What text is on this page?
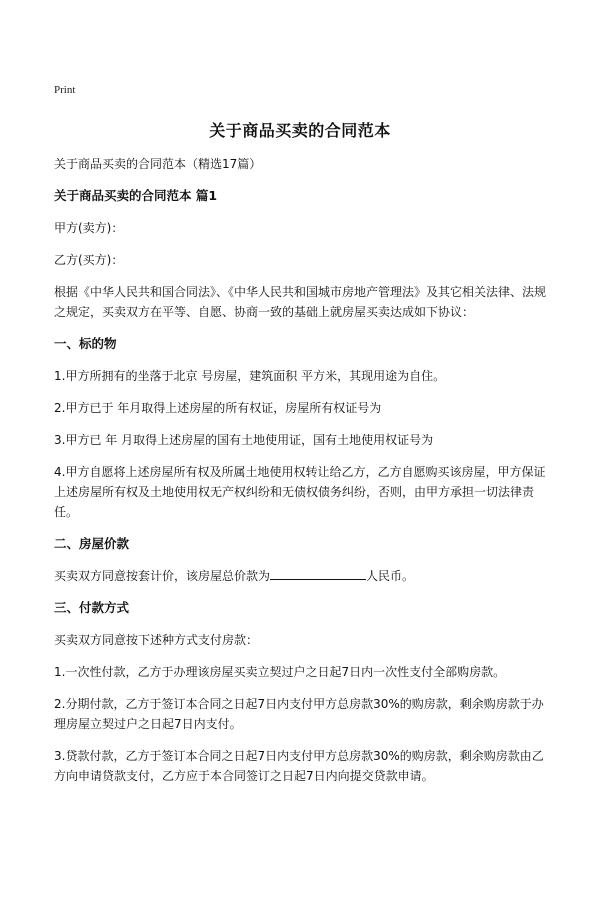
Print
关于商品买卖的合同范本

关于商品买卖的合同范本（精选17篇）

关于商品买卖的合同范本 篇1

甲方(卖方)：

乙方(买方)：

根据《中华人民共和国合同法》、《中华人民共和国城市房地产管理法》及其它相关法律、法规之规定，买卖双方在平等、自愿、协商一致的基础上就房屋买卖达成如下协议：

一、标的物

1.甲方所拥有的坐落于北京 号房屋，建筑面积 平方米，其现用途为自住。

2.甲方已于 年月取得上述房屋的所有权证，房屋所有权证号为

3.甲方已 年 月取得上述房屋的国有土地使用证，国有土地使用权证号为

4.甲方自愿将上述房屋所有权及所属土地使用权转让给乙方，乙方自愿购买该房屋，甲方保证上述房屋所有权及土地使用权无产权纠纷和无债权债务纠纷，否则，由甲方承担一切法律责任。

二、房屋价款

买卖双方同意按套计价，该房屋总价款为	人民币。

三、付款方式

买卖双方同意按下述种方式支付房款：

1.一次性付款，乙方于办理该房屋买卖立契过户之日起7日内一次性支付全部购房款。

2.分期付款，乙方于签订本合同之日起7日内支付甲方总房款30%的购房款，剩余购房款于办理房屋立契过户之日起7日内支付。

3.贷款付款，乙方于签订本合同之日起7日内支付甲方总房款30%的购房款，剩余购房款由乙方向申请贷款支付，乙方应于本合同签订之日起7日内向提交贷款申请。
